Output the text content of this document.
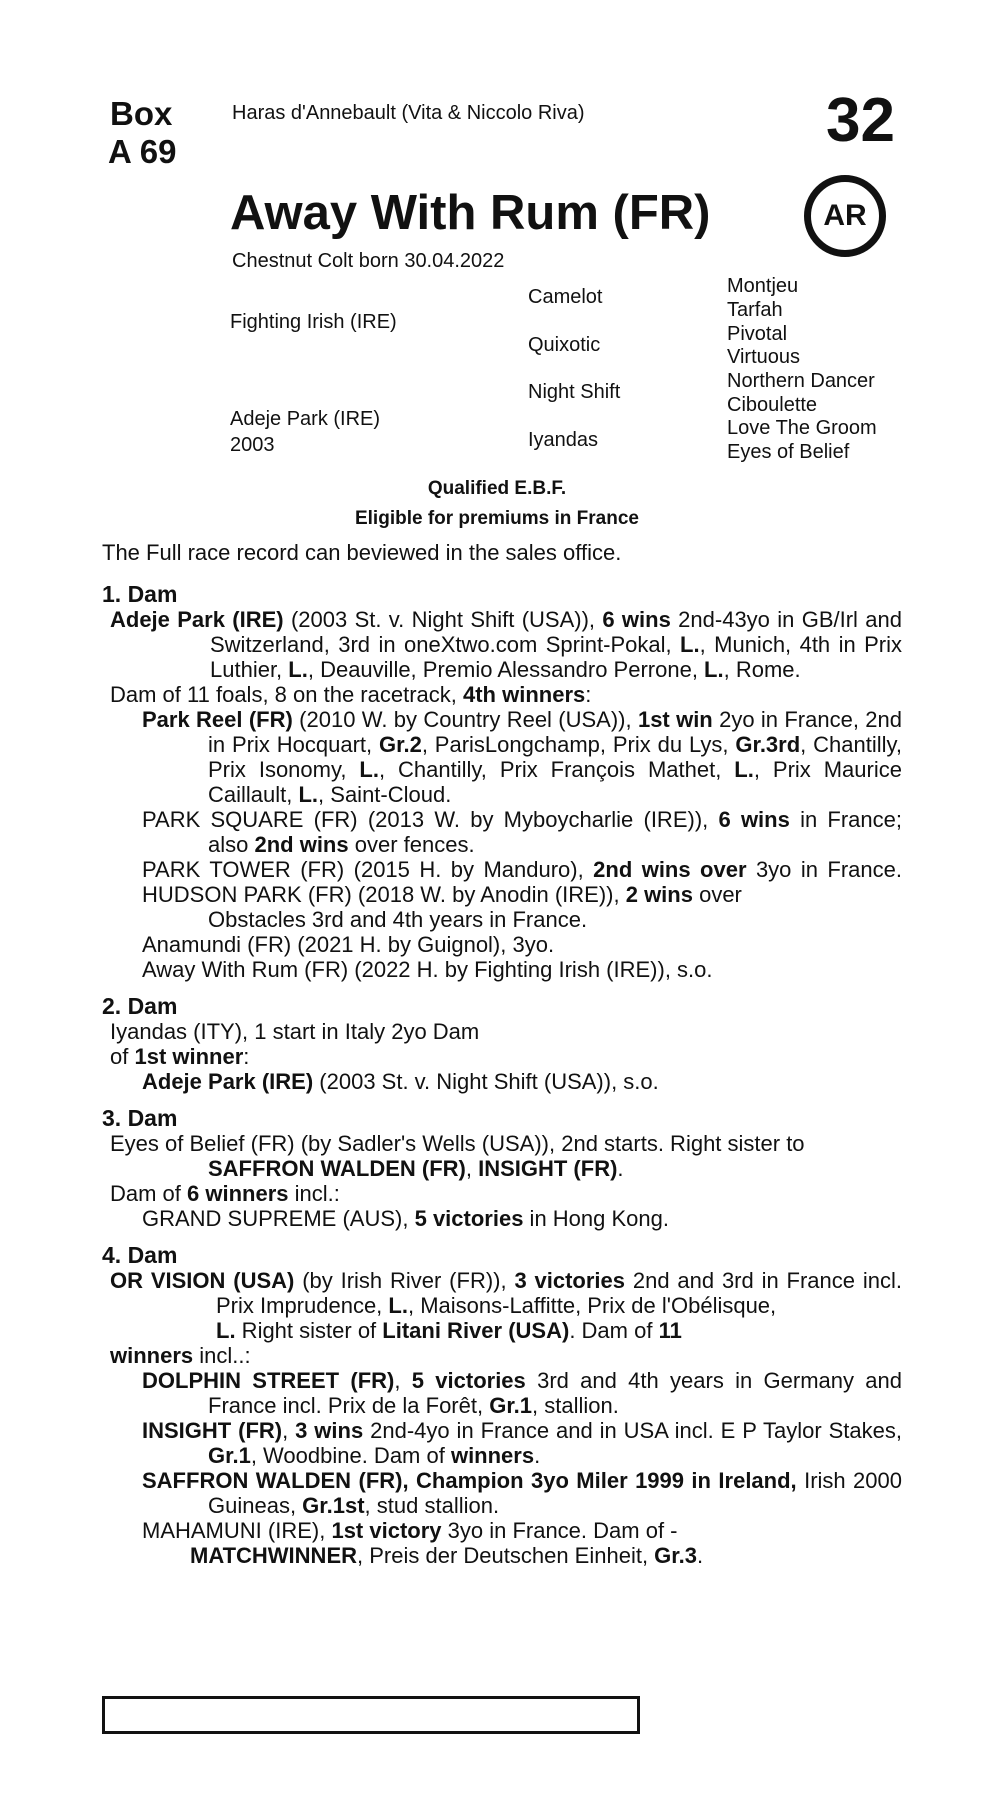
Box
A 69
Haras d'Annebault (Vita & Niccolo Riva)	32
Away With Rum (FR)	AR
Chestnut Colt born 30.04.2022
Fighting Irish (IRE)
Adeje Park (IRE)
2003
Camelot
Quixotic
Night Shift
Iyandas
Montjeu
Tarfah
Pivotal
Virtuous
Northern Dancer
Ciboulette
Love The Groom
Eyes of Belief
Qualified E.B.F.
Eligible for premiums in France
The Full race record can beviewed in the sales office.

1. Dam

Adeje Park (IRE) (2003 St. v. Night Shift (USA)), 6 wins 2nd-43yo in GB/Irl and Switzerland, 3rd in oneXtwo.com Sprint-Pokal, L., Munich, 4th in Prix Luthier, L., Deauville, Premio Alessandro Perrone, L., Rome.

Dam of 11 foals, 8 on the racetrack, 4th winners:

Park Reel (FR) (2010 W. by Country Reel (USA)), 1st win 2yo in France, 2nd in Prix Hocquart, Gr.2, ParisLongchamp, Prix du Lys, Gr.3rd, Chantilly, Prix Isonomy, L., Chantilly, Prix François Mathet, L., Prix Maurice Caillault, L., Saint-Cloud.

PARK SQUARE (FR) (2013 W. by Myboycharlie (IRE)), 6 wins in France; also 2nd wins over fences.

PARK TOWER (FR) (2015 H. by Manduro), 2nd wins over 3yo in France. HUDSON PARK (FR) (2018 W. by Anodin (IRE)), 2 wins over

Obstacles 3rd and 4th years in France.

Anamundi (FR) (2021 H. by Guignol), 3yo.

Away With Rum (FR) (2022 H. by Fighting Irish (IRE)), s.o.

2. Dam

Iyandas (ITY), 1 start in Italy 2yo Dam

of 1st winner:

Adeje Park (IRE) (2003 St. v. Night Shift (USA)), s.o.

3. Dam

Eyes of Belief (FR) (by Sadler's Wells (USA)), 2nd starts. Right sister to

SAFFRON WALDEN (FR), INSIGHT (FR).

Dam of 6 winners incl.:

GRAND SUPREME (AUS), 5 victories in Hong Kong.

4. Dam

OR VISION (USA) (by Irish River (FR)), 3 victories 2nd and 3rd in France incl. Prix Imprudence, L., Maisons-Laffitte, Prix de l'Obélisque,

L. Right sister of Litani River (USA). Dam of 11

winners incl..:

DOLPHIN STREET (FR), 5 victories 3rd and 4th years in Germany and France incl. Prix de la Forêt, Gr.1, stallion.

INSIGHT (FR), 3 wins 2nd-4yo in France and in USA incl. E P Taylor Stakes, Gr.1, Woodbine. Dam of winners.

SAFFRON WALDEN (FR), Champion 3yo Miler 1999 in Ireland, Irish 2000 Guineas, Gr.1st, stud stallion.

MAHAMUNI (IRE), 1st victory 3yo in France. Dam of -

MATCHWINNER, Preis der Deutschen Einheit, Gr.3.
